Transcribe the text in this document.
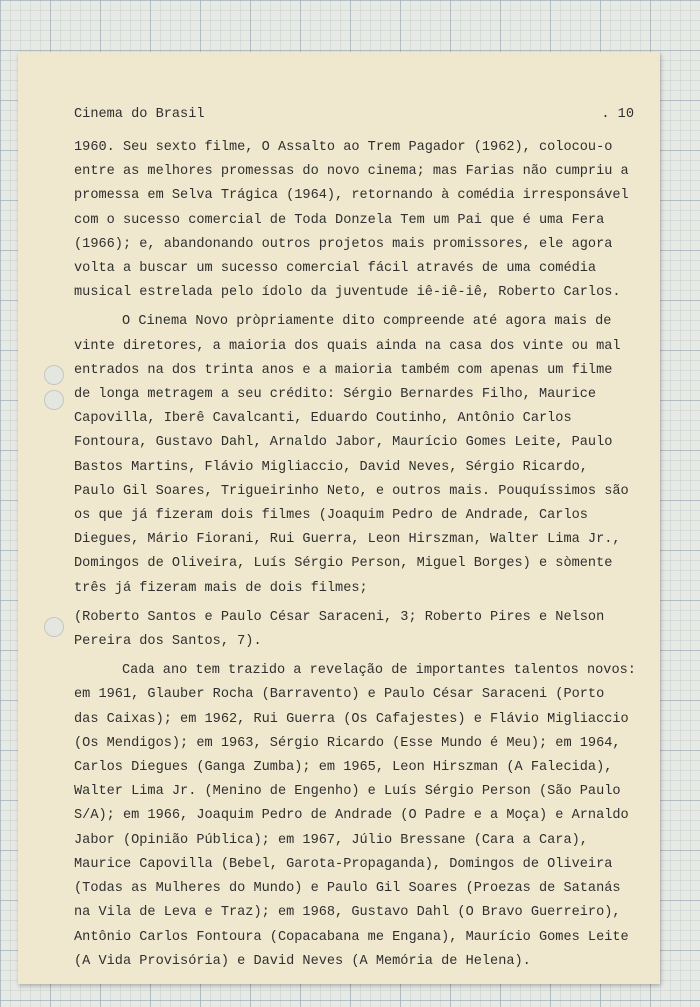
Cinema do Brasil	. 10

1960. Seu sexto filme, O Assalto ao Trem Pagador (1962), colocou-o entre as melhores promessas do novo cinema; mas Farias não cumpriu a promessa em Selva Trágica (1964), retornando à comédia irresponsável com o sucesso comercial de Toda Donzela Tem um Pai que é uma Fera (1966); e, abandonando outros projetos mais promissores, ele agora volta a buscar um sucesso comercial fácil através de uma comédia musical estrelada pelo ídolo da juventude iê-iê-iê, Roberto Carlos.

O Cinema Novo pròpriamente dito compreende até agora mais de vinte diretores, a maioria dos quais ainda na casa dos vinte ou mal entrados na dos trinta anos e a maioria também com apenas um filme de longa metragem a seu crédito: Sérgio Bernardes Filho, Maurice Capovilla, Iberê Cavalcanti, Eduardo Coutinho, Antônio Carlos Fontoura, Gustavo Dahl, Arnaldo Jabor, Maurício Gomes Leite, Paulo Bastos Martins, Flávio Migliaccio, David Neves, Sérgio Ricardo, Paulo Gil Soares, Trigueirinho Neto, e outros mais. Pouquíssimos são os que já fizeram dois filmes (Joaquim Pedro de Andrade, Carlos Diegues, Mário Fiorani, Rui Guerra, Leon Hirszman, Walter Lima Jr., Domingos de Oliveira, Luís Sérgio Person, Miguel Borges) e sòmente três já fizeram mais de dois filmes;

(Roberto Santos e Paulo César Saraceni, 3; Roberto Pires e Nelson Pereira dos Santos, 7).

Cada ano tem trazido a revelação de importantes talentos novos: em 1961, Glauber Rocha (Barravento) e Paulo César Saraceni (Porto das Caixas); em 1962, Rui Guerra (Os Cafajestes) e Flávio Migliaccio (Os Mendigos); em 1963, Sérgio Ricardo (Esse Mundo é Meu); em 1964, Carlos Diegues (Ganga Zumba); em 1965, Leon Hirszman (A Falecida), Walter Lima Jr. (Menino de Engenho) e Luís Sérgio Person (São Paulo S/A); em 1966, Joaquim Pedro de Andrade (O Padre e a Moça) e Arnaldo Jabor (Opinião Pública); em 1967, Júlio Bressane (Cara a Cara), Maurice Capovilla (Bebel, Garota-Propaganda), Domingos de Oliveira (Todas as Mulheres do Mundo) e Paulo Gil Soares (Proezas de Satanás na Vila de Leva e Traz); em 1968, Gustavo Dahl (O Bravo Guerreiro), Antônio Carlos Fontoura (Copacabana me Engana), Maurício Gomes Leite (A Vida Provisória) e David Neves (A Memória de Helena).
